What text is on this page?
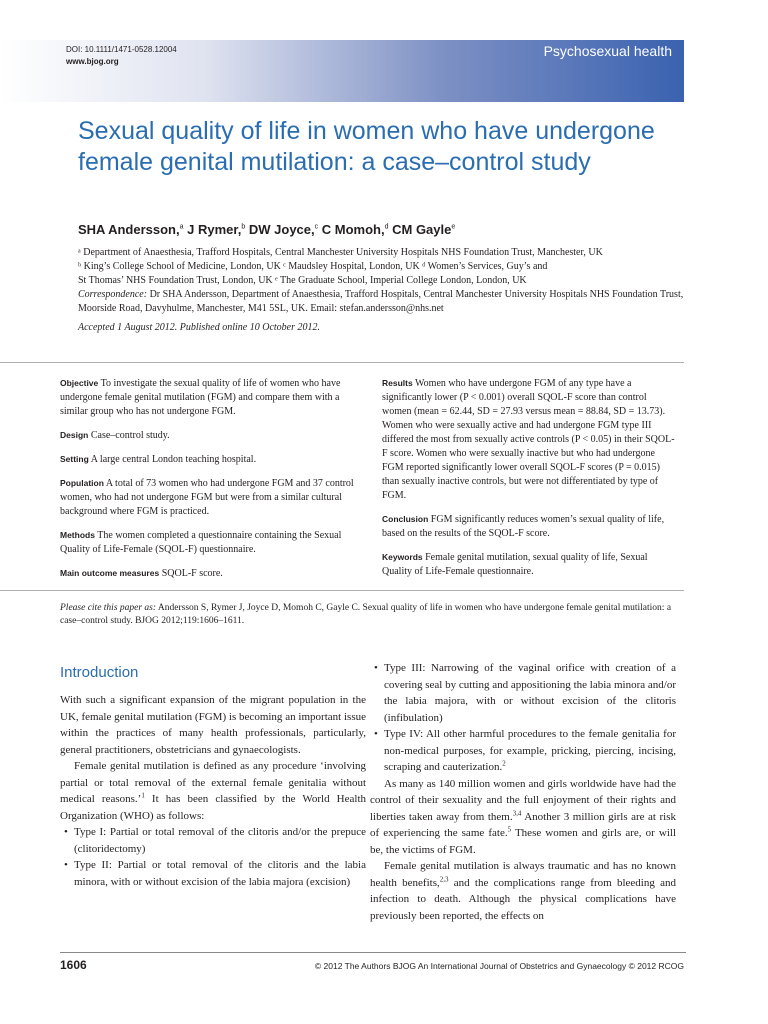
DOI: 10.1111/1471-0528.12004
www.bjog.org
Psychosexual health
Sexual quality of life in women who have undergone female genital mutilation: a case–control study
SHA Andersson,$^a$ J Rymer,$^b$ DW Joyce,$^c$ C Momoh,$^d$ CM Gayle$^e$

ᵃ Department of Anaesthesia, Trafford Hospitals, Central Manchester University Hospitals NHS Foundation Trust, Manchester, UK

ᵇ King’s College School of Medicine, London, UK ᶜ Maudsley Hospital, London, UK ᵈ Women’s Services, Guy’s and

St Thomas’ NHS Foundation Trust, London, UK ᵉ The Graduate School, Imperial College London, London, UK

Correspondence: Dr SHA Andersson, Department of Anaesthesia, Trafford Hospitals, Central Manchester University Hospitals NHS Foundation Trust, Moorside Road, Davyhulme, Manchester, M41 5SL, UK. Email: stefan.andersson@nhs.net

Accepted 1 August 2012. Published online 10 October 2012.

Objective To investigate the sexual quality of life of women who have undergone female genital mutilation (FGM) and compare them with a similar group who has not undergone FGM.

Design Case–control study.

Setting A large central London teaching hospital.

Population A total of 73 women who had undergone FGM and 37 control women, who had not undergone FGM but were from a similar cultural background where FGM is practiced.

Methods The women completed a questionnaire containing the Sexual Quality of Life-Female (SQOL-F) questionnaire.

Main outcome measures SQOL-F score.

Results Women who have undergone FGM of any type have a significantly lower (P < 0.001) overall SQOL-F score than control women (mean = 62.44, SD = 27.93 versus mean = 88.84, SD = 13.73). Women who were sexually active and had undergone FGM type III differed the most from sexually active controls (P < 0.05) in their SQOL-F score. Women who were sexually inactive but who had undergone FGM reported significantly lower overall SQOL-F scores (P = 0.015) than sexually inactive controls, but were not differentiated by type of FGM.

Conclusion FGM significantly reduces women’s sexual quality of life, based on the results of the SQOL-F score.

Keywords Female genital mutilation, sexual quality of life, Sexual Quality of Life-Female questionnaire.

Please cite this paper as: Andersson S, Rymer J, Joyce D, Momoh C, Gayle C. Sexual quality of life in women who have undergone female genital mutilation: a case–control study. BJOG 2012;119:1606–1611.
Introduction

With such a significant expansion of the migrant population in the UK, female genital mutilation (FGM) is becoming an important issue within the practices of many health professionals, particularly, general practitioners, obstetricians and gynaecologists.

Female genital mutilation is defined as any procedure ‘involving partial or total removal of the external female genitalia without medical reasons.’$^1$ It has been classified by the World Health Organization (WHO) as follows:

• Type I: Partial or total removal of the clitoris and/or the prepuce (clitoridectomy)
• Type II: Partial or total removal of the clitoris and the labia minora, with or without excision of the labia majora (excision)
• Type III: Narrowing of the vaginal orifice with creation of a covering seal by cutting and appositioning the labia minora and/or the labia majora, with or without excision of the clitoris (infibulation)
• Type IV: All other harmful procedures to the female genitalia for non-medical purposes, for example, pricking, piercing, incising, scraping and cauterization.$^2$

As many as 140 million women and girls worldwide have had the control of their sexuality and the full enjoyment of their rights and liberties taken away from them.$^{3,4}$ Another 3 million girls are at risk of experiencing the same fate.$^5$ These women and girls are, or will be, the victims of FGM.

Female genital mutilation is always traumatic and has no known health benefits,$^{2,3}$ and the complications range from bleeding and infection to death. Although the physical complications have previously been reported, the effects on

1606	© 2012 The Authors BJOG An International Journal of Obstetrics and Gynaecology © 2012 RCOG
